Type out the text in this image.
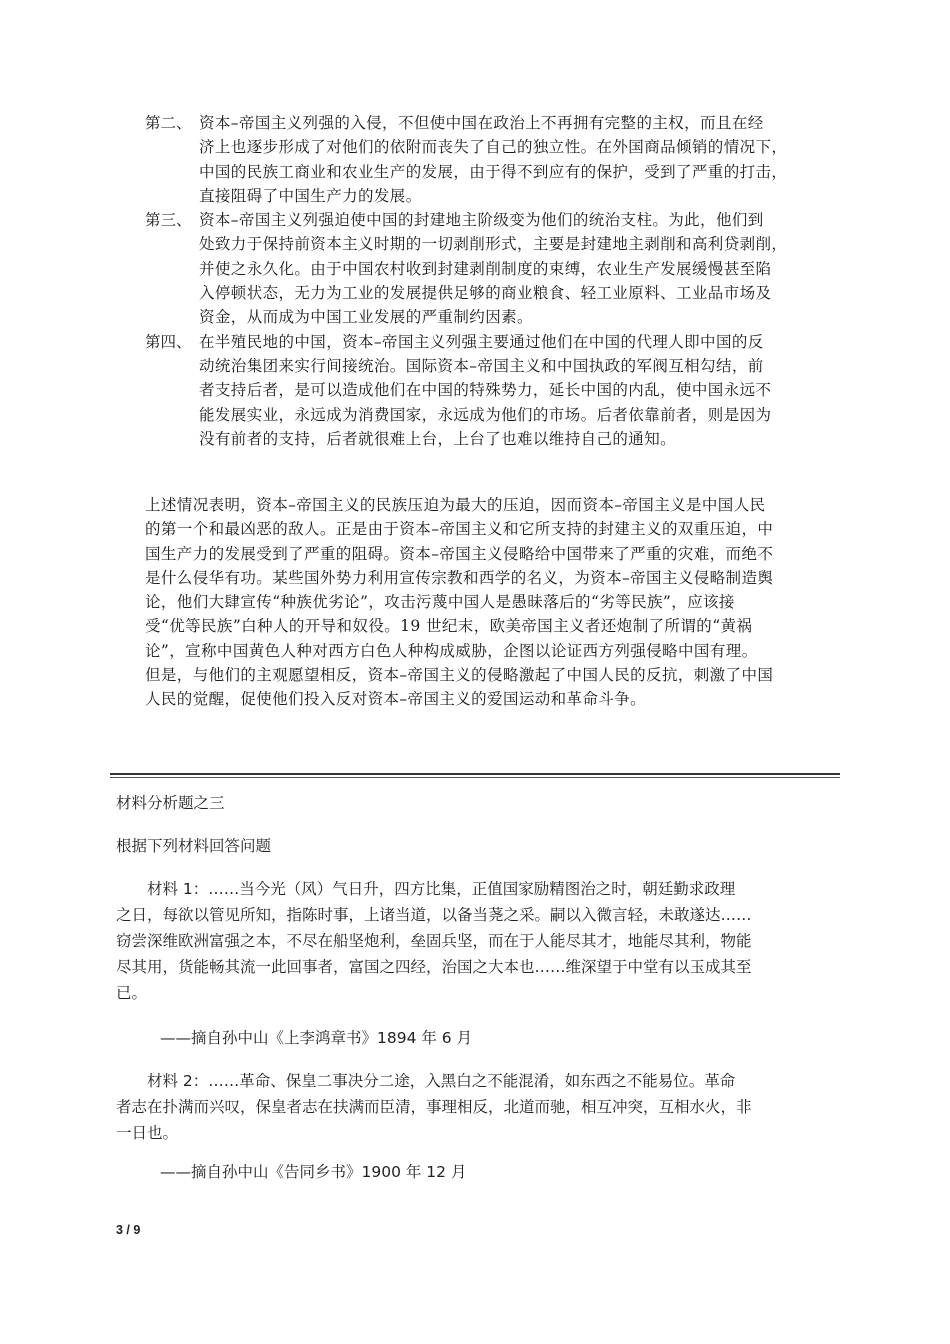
第二、 资本–帝国主义列强的入侵，不但使中国在政治上不再拥有完整的主权，而且在经
济上也逐步形成了对他们的依附而丧失了自己的独立性。在外国商品倾销的情况下，
中国的民族工商业和农业生产的发展，由于得不到应有的保护，受到了严重的打击，
直接阻碍了中国生产力的发展。
第三、 资本–帝国主义列强迫使中国的封建地主阶级变为他们的统治支柱。为此，他们到
处致力于保持前资本主义时期的一切剥削形式，主要是封建地主剥削和高利贷剥削，
并使之永久化。由于中国农村收到封建剥削制度的束缚，农业生产发展缓慢甚至陷
入停顿状态，无力为工业的发展提供足够的商业粮食、轻工业原料、工业品市场及
资金，从而成为中国工业发展的严重制约因素。
第四、 在半殖民地的中国，资本–帝国主义列强主要通过他们在中国的代理人即中国的反
动统治集团来实行间接统治。国际资本–帝国主义和中国执政的军阀互相勾结，前
者支持后者，是可以造成他们在中国的特殊势力，延长中国的内乱，使中国永远不
能发展实业，永远成为消费国家，永远成为他们的市场。后者依靠前者，则是因为
没有前者的支持，后者就很难上台，上台了也难以维持自己的通知。
上述情况表明，资本–帝国主义的民族压迫为最大的压迫，因而资本–帝国主义是中国人民
的第一个和最凶恶的敌人。正是由于资本–帝国主义和它所支持的封建主义的双重压迫，中
国生产力的发展受到了严重的阻碍。资本–帝国主义侵略给中国带来了严重的灾难，而绝不
是什么侵华有功。某些国外势力利用宣传宗教和西学的名义，为资本–帝国主义侵略制造舆
论，他们大肆宣传“种族优劣论”，攻击污蔑中国人是愚昧落后的“劣等民族”，应该接
受“优等民族”白种人的开导和奴役。19 世纪末，欧美帝国主义者还炮制了所谓的“黄祸
论”，宣称中国黄色人种对西方白色人种构成威胁，企图以论证西方列强侵略中国有理。
但是，与他们的主观愿望相反，资本–帝国主义的侵略激起了中国人民的反抗，刺激了中国
人民的觉醒，促使他们投入反对资本–帝国主义的爱国运动和革命斗争。
材料分析题之三
根据下列材料回答问题
　　材料 1：……当今光（风）气日升，四方比集，正值国家励精图治之时，朝廷勤求政理
之日，每欲以管见所知，指陈时事，上诸当道，以备当荛之采。嗣以入微言轻，未敢遂达……
窃尝深维欧洲富强之本，不尽在船坚炮利，垒固兵坚，而在于人能尽其才，地能尽其利，物能
尽其用，货能畅其流一此回事者，富国之四经，治国之大本也……维深望于中堂有以玉成其至
已。
——摘自孙中山《上李鸿章书》1894 年 6 月
　　材料 2：……革命、保皇二事决分二途，入黑白之不能混淆，如东西之不能易位。革命
者志在扑满而兴叹，保皇者志在扶满而臣清，事理相反，北道而驰，相互冲突，互相水火，非
一日也。
——摘自孙中山《告同乡书》1900 年 12 月
3 / 9
